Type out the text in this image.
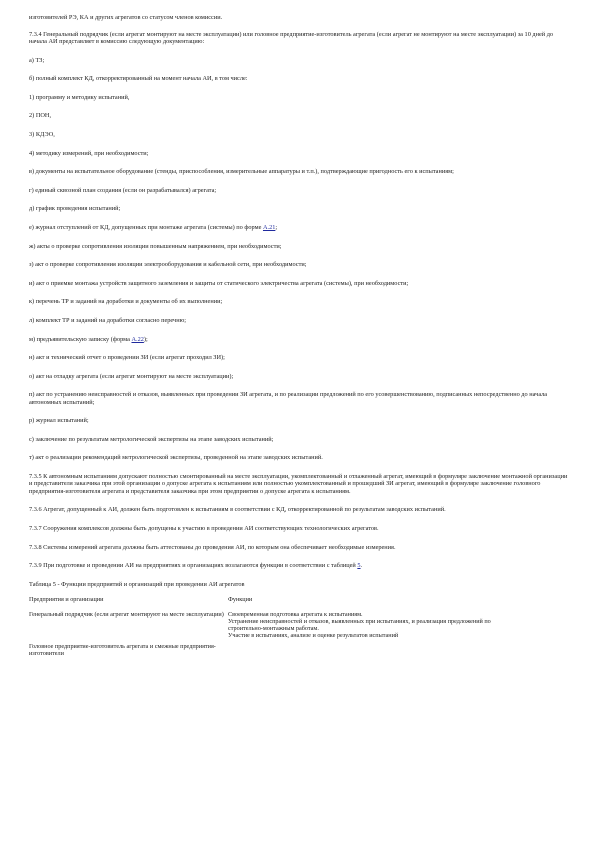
изготовителей РЭ, КА и других агрегатов со статусом членов комиссии.

7.3.4 Генеральный подрядчик (если агрегат монтируют на месте эксплуатации) или головное предприятие-изготовитель агрегата (если агрегат не монтируют на месте эксплуатации) за 10 дней до начала АИ представляет в комиссию следующую документацию:

а) ТЗ;

б) полный комплект КД, откорректированный на момент начала АИ, в том числе:

1) программу и методику испытаний,

2) ПОН,

3) КДЭО,

4) методику измерений, при необходимости;

в) документы на испытательное оборудование (стенды, приспособления, измерительные аппаратуры и т.п.), подтверждающие пригодность его к испытаниям;

г) единый сквозной план создания (если он разрабатывался) агрегата;

д) график проведения испытаний;

е) журнал отступлений от КД, допущенных при монтаже агрегата (системы) по форме А.21;

ж) акты о проверке сопротивления изоляции повышенным напряжением, при необходимости;

з) акт о проверке сопротивления изоляции электрооборудования и кабельной сети, при необходимости;

и) акт о приемке монтажа устройств защитного заземления и защиты от статического электричества агрегата (системы), при необходимости;

к) перечень ТР и заданий на доработки и документы об их выполнении;

л) комплект ТР и заданий на доработки согласно перечню;

м) предъявительскую записку (форма А.22);

н) акт и технический отчет о проведении ЗИ (если агрегат проходил ЗИ);

о) акт на отладку агрегата (если агрегат монтируют на месте эксплуатации);

п) акт по устранению неисправностей и отказов, выявленных при проведении ЗИ агрегата, и по реализации предложений по его усовершенствованию, подписанных непосредственно до начала автономных испытаний;

р) журнал испытаний;

с) заключение по результатам метрологической экспертизы на этапе заводских испытаний;

т) акт о реализации рекомендаций метрологической экспертизы, проведенной на этапе заводских испытаний.

7.3.5 К автономным испытаниям допускают полностью смонтированный на месте эксплуатации, укомплектованный и отлаженный агрегат, имеющий в формуляре заключение монтажной организации и представителя заказчика при этой организации о допуске агрегата к испытаниям или полностью укомплектованный и прошедший ЗИ агрегат, имеющий в формуляре заключение головного предприятия-изготовителя агрегата и представителя заказчика при этом предприятии о допуске агрегата к испытаниям.

7.3.6 Агрегат, допущенный к АИ, должен быть подготовлен к испытаниям в соответствии с КД, откорректированной по результатам заводских испытаний.

7.3.7 Сооружения комплексов должны быть допущены к участию в проведении АИ соответствующих технологических агрегатов.

7.3.8 Системы измерений агрегата должны быть аттестованы до проведения АИ, по которым она обеспечивает необходимые измерения.

7.3.9 При подготовке и проведении АИ на предприятиях и организациях возлагаются функции в соответствии с таблицей 5.

Таблица 5 - Функции предприятий и организаций при проведении АИ агрегатов

Предприятия и организации	Функции
Генеральный подрядчик (если агрегат монтируют на месте эксплуатации)	Своевременная подготовка агрегата к испытаниям.
Устранение неисправностей и отказов, выявленных при испытаниях, и реализация предложений по строительно-монтажным работам.
Участие в испытаниях, анализе и оценке результатов испытаний
Головное предприятие-изготовитель агрегата и смежные предприятия-изготовители	
